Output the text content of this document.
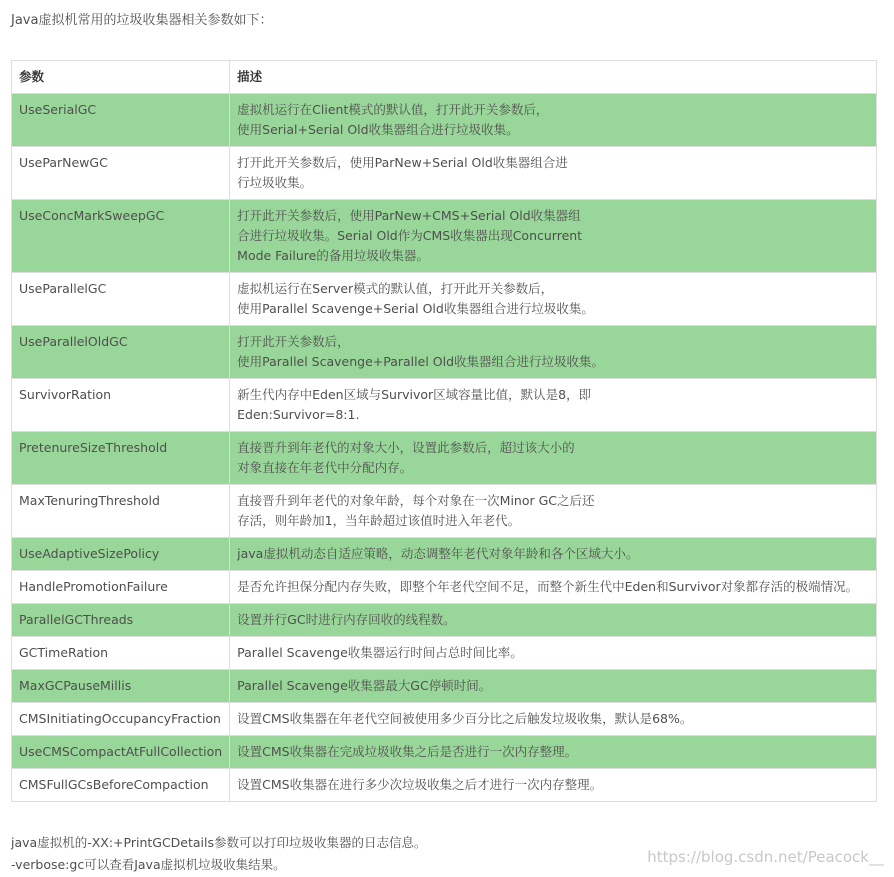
Java虚拟机常用的垃圾收集器相关参数如下：
参数	描述
UseSerialGC	虚拟机运行在Client模式的默认值，打开此开关参数后，
使用Serial+Serial Old收集器组合进行垃圾收集。
UseParNewGC	打开此开关参数后，使用ParNew+Serial Old收集器组合进
行垃圾收集。
UseConcMarkSweepGC	打开此开关参数后，使用ParNew+CMS+Serial Old收集器组
合进行垃圾收集。Serial Old作为CMS收集器出现Concurrent
Mode Failure的备用垃圾收集器。
UseParallelGC	虚拟机运行在Server模式的默认值，打开此开关参数后，
使用Parallel Scavenge+Serial Old收集器组合进行垃圾收集。
UseParallelOldGC	打开此开关参数后，
使用Parallel Scavenge+Parallel Old收集器组合进行垃圾收集。
SurvivorRation	新生代内存中Eden区域与Survivor区域容量比值，默认是8，即
Eden:Survivor=8:1.
PretenureSizeThreshold	直接晋升到年老代的对象大小，设置此参数后，超过该大小的
对象直接在年老代中分配内存。
MaxTenuringThreshold	直接晋升到年老代的对象年龄，每个对象在一次Minor GC之后还
存活，则年龄加1，当年龄超过该值时进入年老代。
UseAdaptiveSizePolicy	java虚拟机动态自适应策略，动态调整年老代对象年龄和各个区域大小。
HandlePromotionFailure	是否允许担保分配内存失败，即整个年老代空间不足，而整个新生代中Eden和Survivor对象都存活的极端情况。
ParallelGCThreads	设置并行GC时进行内存回收的线程数。
GCTimeRation	Parallel Scavenge收集器运行时间占总时间比率。
MaxGCPauseMillis	Parallel Scavenge收集器最大GC停顿时间。
CMSInitiatingOccupancyFraction	设置CMS收集器在年老代空间被使用多少百分比之后触发垃圾收集，默认是68%。
UseCMSCompactAtFullCollection	设置CMS收集器在完成垃圾收集之后是否进行一次内存整理。
CMSFullGCsBeforeCompaction	设置CMS收集器在进行多少次垃圾收集之后才进行一次内存整理。
java虚拟机的-XX:+PrintGCDetails参数可以打印垃圾收集器的日志信息。
-verbose:gc可以查看Java虚拟机垃圾收集结果。	https://blog.csdn.net/Peacock__
